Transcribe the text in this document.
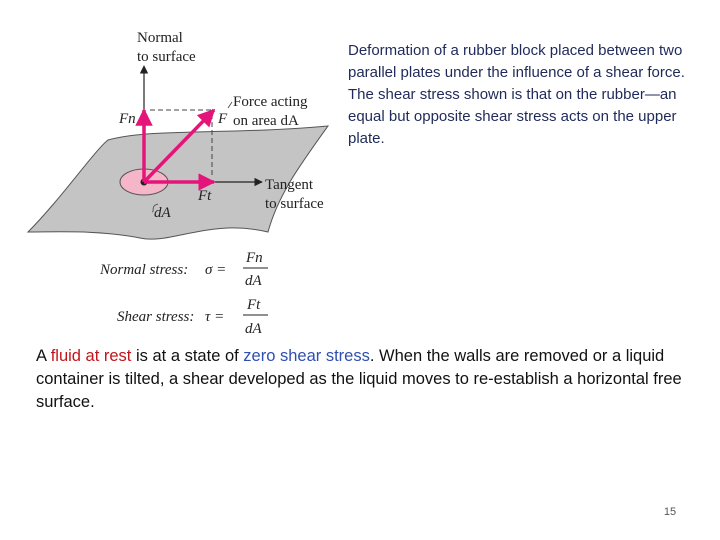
Normal
to surface
Force acting
on area dA
Tangent
to surface
Fn	F
Ft
dA
Normal stress: σ =
Fn
dA
Shear stress: τ =
Ft
dA
Deformation of a rubber block placed between two parallel plates under the influence of a shear force. The shear stress shown is that on the rubber—an equal but opposite shear stress acts on the upper plate.
A fluid at rest is at a state of zero shear stress. When the walls are removed or a liquid container is tilted, a shear developed as the liquid moves to re-establish a horizontal free surface.
15
